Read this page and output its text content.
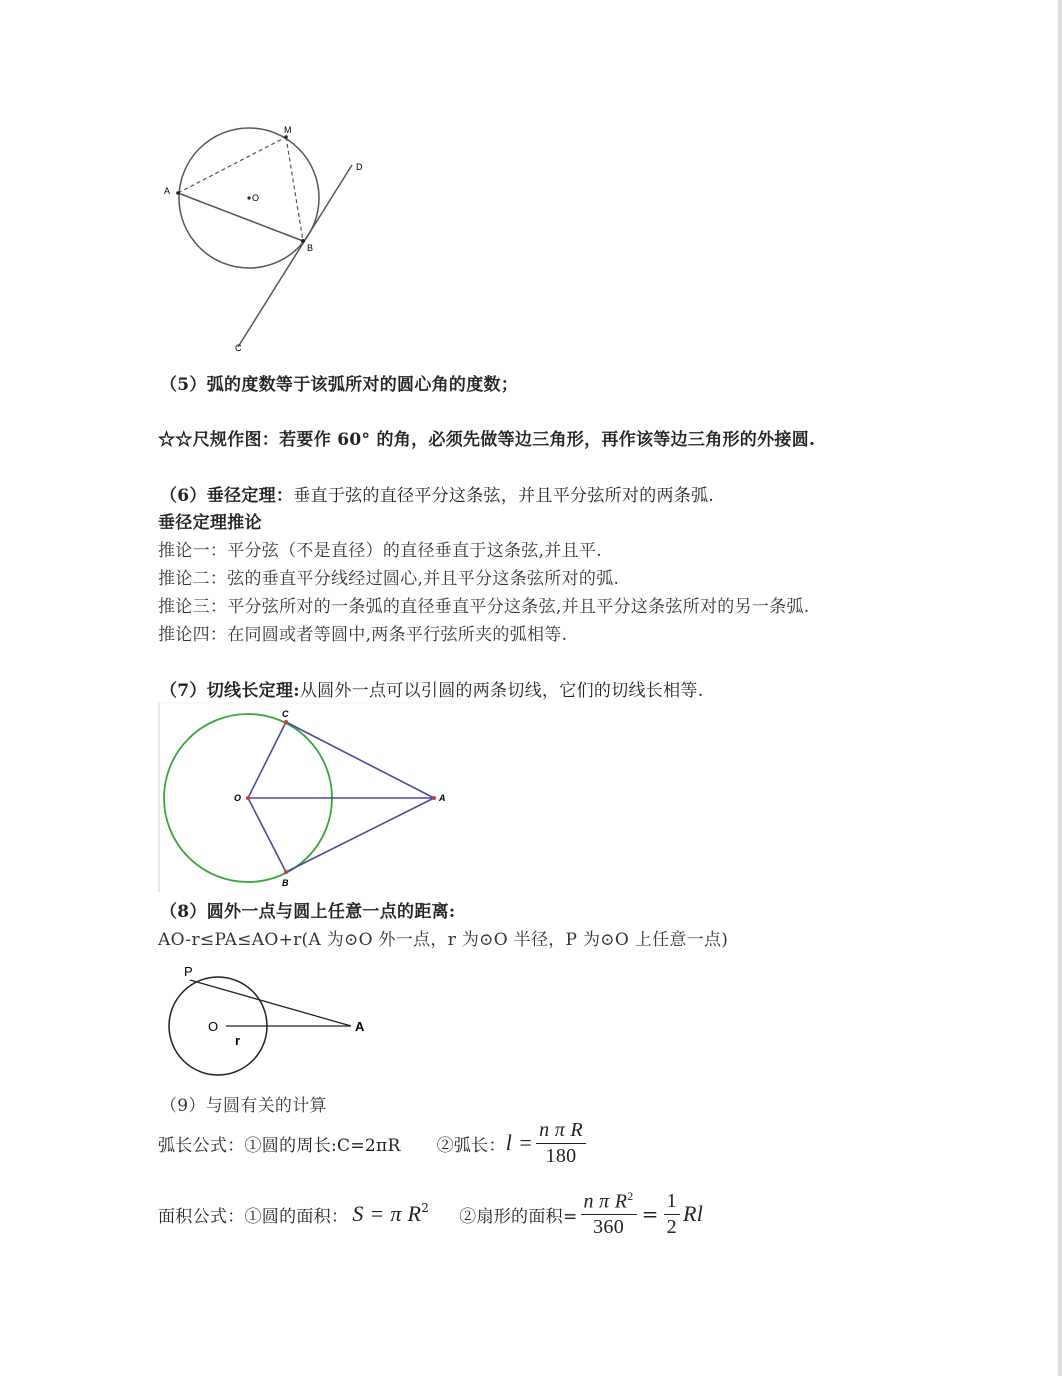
A
M
O
D
B
C
（5）弧的度数等于该弧所对的圆心角的度数；
☆☆尺规作图：若要作 60° 的角，必须先做等边三角形，再作该等边三角形的外接圆.
（6）垂径定理：垂直于弦的直径平分这条弦，并且平分弦所对的两条弧.
垂径定理推论
推论一：平分弦（不是直径）的直径垂直于这条弦,并且平.
推论二：弦的垂直平分线经过圆心,并且平分这条弦所对的弧.
推论三：平分弦所对的一条弧的直径垂直平分这条弦,并且平分这条弦所对的另一条弧.
推论四：在同圆或者等圆中,两条平行弦所夹的弧相等.
（7）切线长定理:从圆外一点可以引圆的两条切线，它们的切线长相等.
C
O	A
B
（8）圆外一点与圆上任意一点的距离:
AO-r≤PA≤AO+r(A 为⊙O 外一点，r 为⊙O 半径，P 为⊙O 上任意一点)
P
O
r
A
（9）与圆有关的计算
弧长公式：①圆的周长:C=2πR ②弧长： $l = \frac{\text{n π R}}{180}$
面积公式：①圆的面积： S = π $R^2$ ②扇形的面积= $\frac{n \pi R^2}{360} = \frac{1}{2}$ Rl
